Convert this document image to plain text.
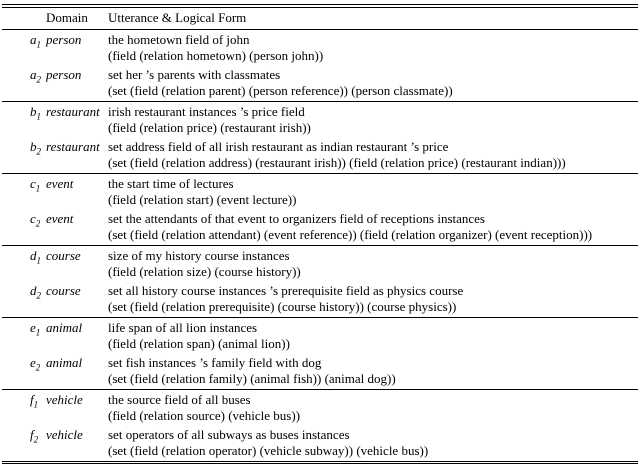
	Domain	Utterance & Logical Form
$a_1$	person	the hometown field of john
(field (relation hometown) (person john))

$a_2$	person	set her ’s parents with classmates
(set (field (relation parent) (person reference)) (person classmate))

$b_1$	restaurant	irish restaurant instances ’s price field
(field (relation price) (restaurant irish))

$b_2$	restaurant	set address field of all irish restaurant as indian restaurant ’s price
(set (field (relation address) (restaurant irish)) (field (relation price) (restaurant indian)))

$c_1$	event	the start time of lectures
(field (relation start) (event lecture))

$c_2$	event	set the attendants of that event to organizers field of receptions instances
(set (field (relation attendant) (event reference)) (field (relation organizer) (event reception)))

$d_1$	course	size of my history course instances
(field (relation size) (course history))

$d_2$	course	set all history course instances ’s prerequisite field as physics course
(set (field (relation prerequisite) (course history)) (course physics))

$e_1$	animal	life span of all lion instances
(field (relation span) (animal lion))

$e_2$	animal	set fish instances ’s family field with dog
(set (field (relation family) (animal fish)) (animal dog))

$f_1$	vehicle	the source field of all buses
(field (relation source) (vehicle bus))

$f_2$	vehicle	set operators of all subways as buses instances
(set (field (relation operator) (vehicle subway)) (vehicle bus))
